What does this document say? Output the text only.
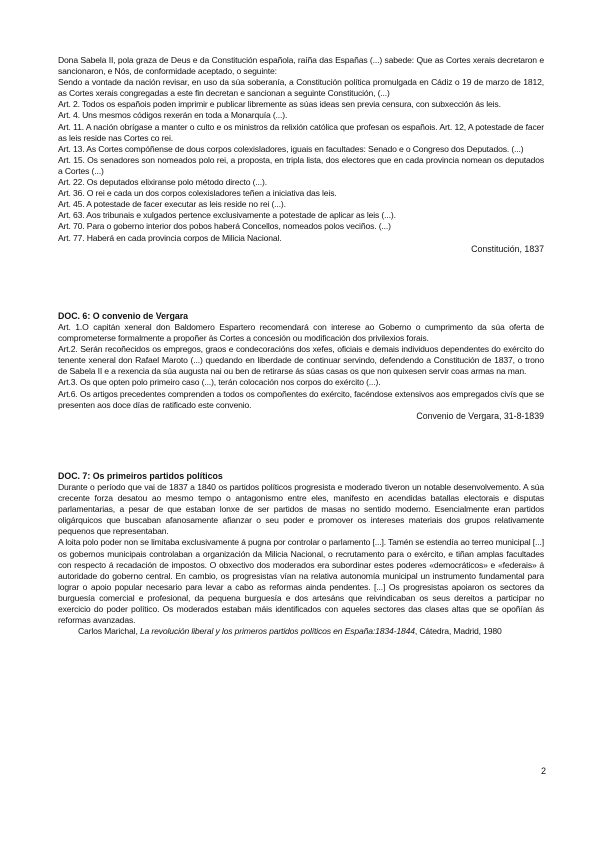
Dona Sabela II, pola graza de Deus e da Constitución española, raíña das Españas (...) sabede: Que as Cortes xerais decretaron e sancionaron, e Nós, de conformidade aceptado, o seguinte:

Sendo a vontade da nación revisar, en uso da súa soberanía, a Constitución política promulgada en Cádiz o 19 de marzo de 1812, as Cortes xerais congregadas a este fin decretan e sancionan a seguinte Constitución, (...)

Art. 2. Todos os españois poden imprimir e publicar libremente as súas ideas sen previa censura, con subxección ás leis.

Art. 4. Uns mesmos códigos rexerán en toda a Monarquía (...).

Art. 11. A nación obrígase a manter o culto e os ministros da relixión católica que profesan os españois. Art. 12, A potestade de facer as leis reside nas Cortes co rei.

Art. 13. As Cortes compóñense de dous corpos colexisladores, iguais en facultades: Senado e o Congreso dos Deputados. (...)

Art. 15. Os senadores son nomeados polo rei, a proposta, en tripla lista, dos electores que en cada provincia nomean os deputados a Cortes (...)

Art. 22. Os deputados elixiranse polo método directo (...).

Art. 36. O rei e cada un dos corpos colexisladores teñen a iniciativa das leis.

Art. 45. A potestade de facer executar as leis reside no rei (...).

Art. 63. Aos tribunais e xulgados pertence exclusivamente a potestade de aplicar as leis (...).

Art. 70. Para o goberno interior dos pobos haberá Concellos, nomeados polos veciños. (...)

Art. 77. Haberá en cada provincia corpos de Milicia Nacional.

Constitución, 1837

DOC. 6: O convenio de Vergara

Art. 1.O capitán xeneral don Baldomero Espartero recomendará con interese ao Goberno o cumprimento da súa oferta de comprometerse formalmente a propoñer ás Cortes a concesión ou modificación dos privilexios forais.

Art.2. Serán recoñecidos os empregos, graos e condecoracións dos xefes, oficiais e demais individuos dependentes do exército do tenente xeneral don Rafael Maroto (...) quedando en liberdade de continuar servindo, defendendo a Constitución de 1837, o trono de Sabela II e a rexencia da súa augusta nai ou ben de retirarse ás súas casas os que non quixesen servir coas armas na man.

Art.3. Os que opten polo primeiro caso (...), terán colocación nos corpos do exército (...).

Art.6. Os artigos precedentes comprenden a todos os compoñentes do exército, facéndose extensivos aos empregados civís que se presenten aos doce días de ratificado este convenio.

Convenio de Vergara, 31-8-1839

DOC. 7: Os primeiros partidos políticos

Durante o período que vai de 1837 a 1840 os partidos políticos progresista e moderado tiveron un notable desenvolvemento. A súa crecente forza desatou ao mesmo tempo o antagonismo entre eles, manifesto en acendidas batallas electorais e disputas parlamentarias, a pesar de que estaban lonxe de ser partidos de masas no sentido moderno. Esencialmente eran partidos oligárquicos que buscaban afanosamente afianzar o seu poder e promover os intereses materiais dos grupos relativamente pequenos que representaban.

A loita polo poder non se limitaba exclusivamente á pugna por controlar o parlamento [...]. Tamén se estendía ao terreo municipal [...] os gobernos municipais controlaban a organización da Milicia Nacional, o recrutamento para o exército, e tiñan amplas facultades con respecto á recadación de impostos. O obxectivo dos moderados era subordinar estes poderes «democráticos» e «federais» á autoridade do goberno central. En cambio, os progresistas vían na relativa autonomía municipal un instrumento fundamental para lograr o apoio popular necesario para levar a cabo as reformas ainda pendentes. [...] Os progresistas apoiaron os sectores da burguesía comercial e profesional, da pequena burguesía e dos artesáns que reivindicaban os seus dereitos a participar no exercicio do poder político. Os moderados estaban máis identificados con aqueles sectores das clases altas que se opoñían ás reformas avanzadas.

Carlos Marichal, La revolución liberal y los primeros partidos políticos en España:1834-1844, Cátedra, Madrid, 1980

2
